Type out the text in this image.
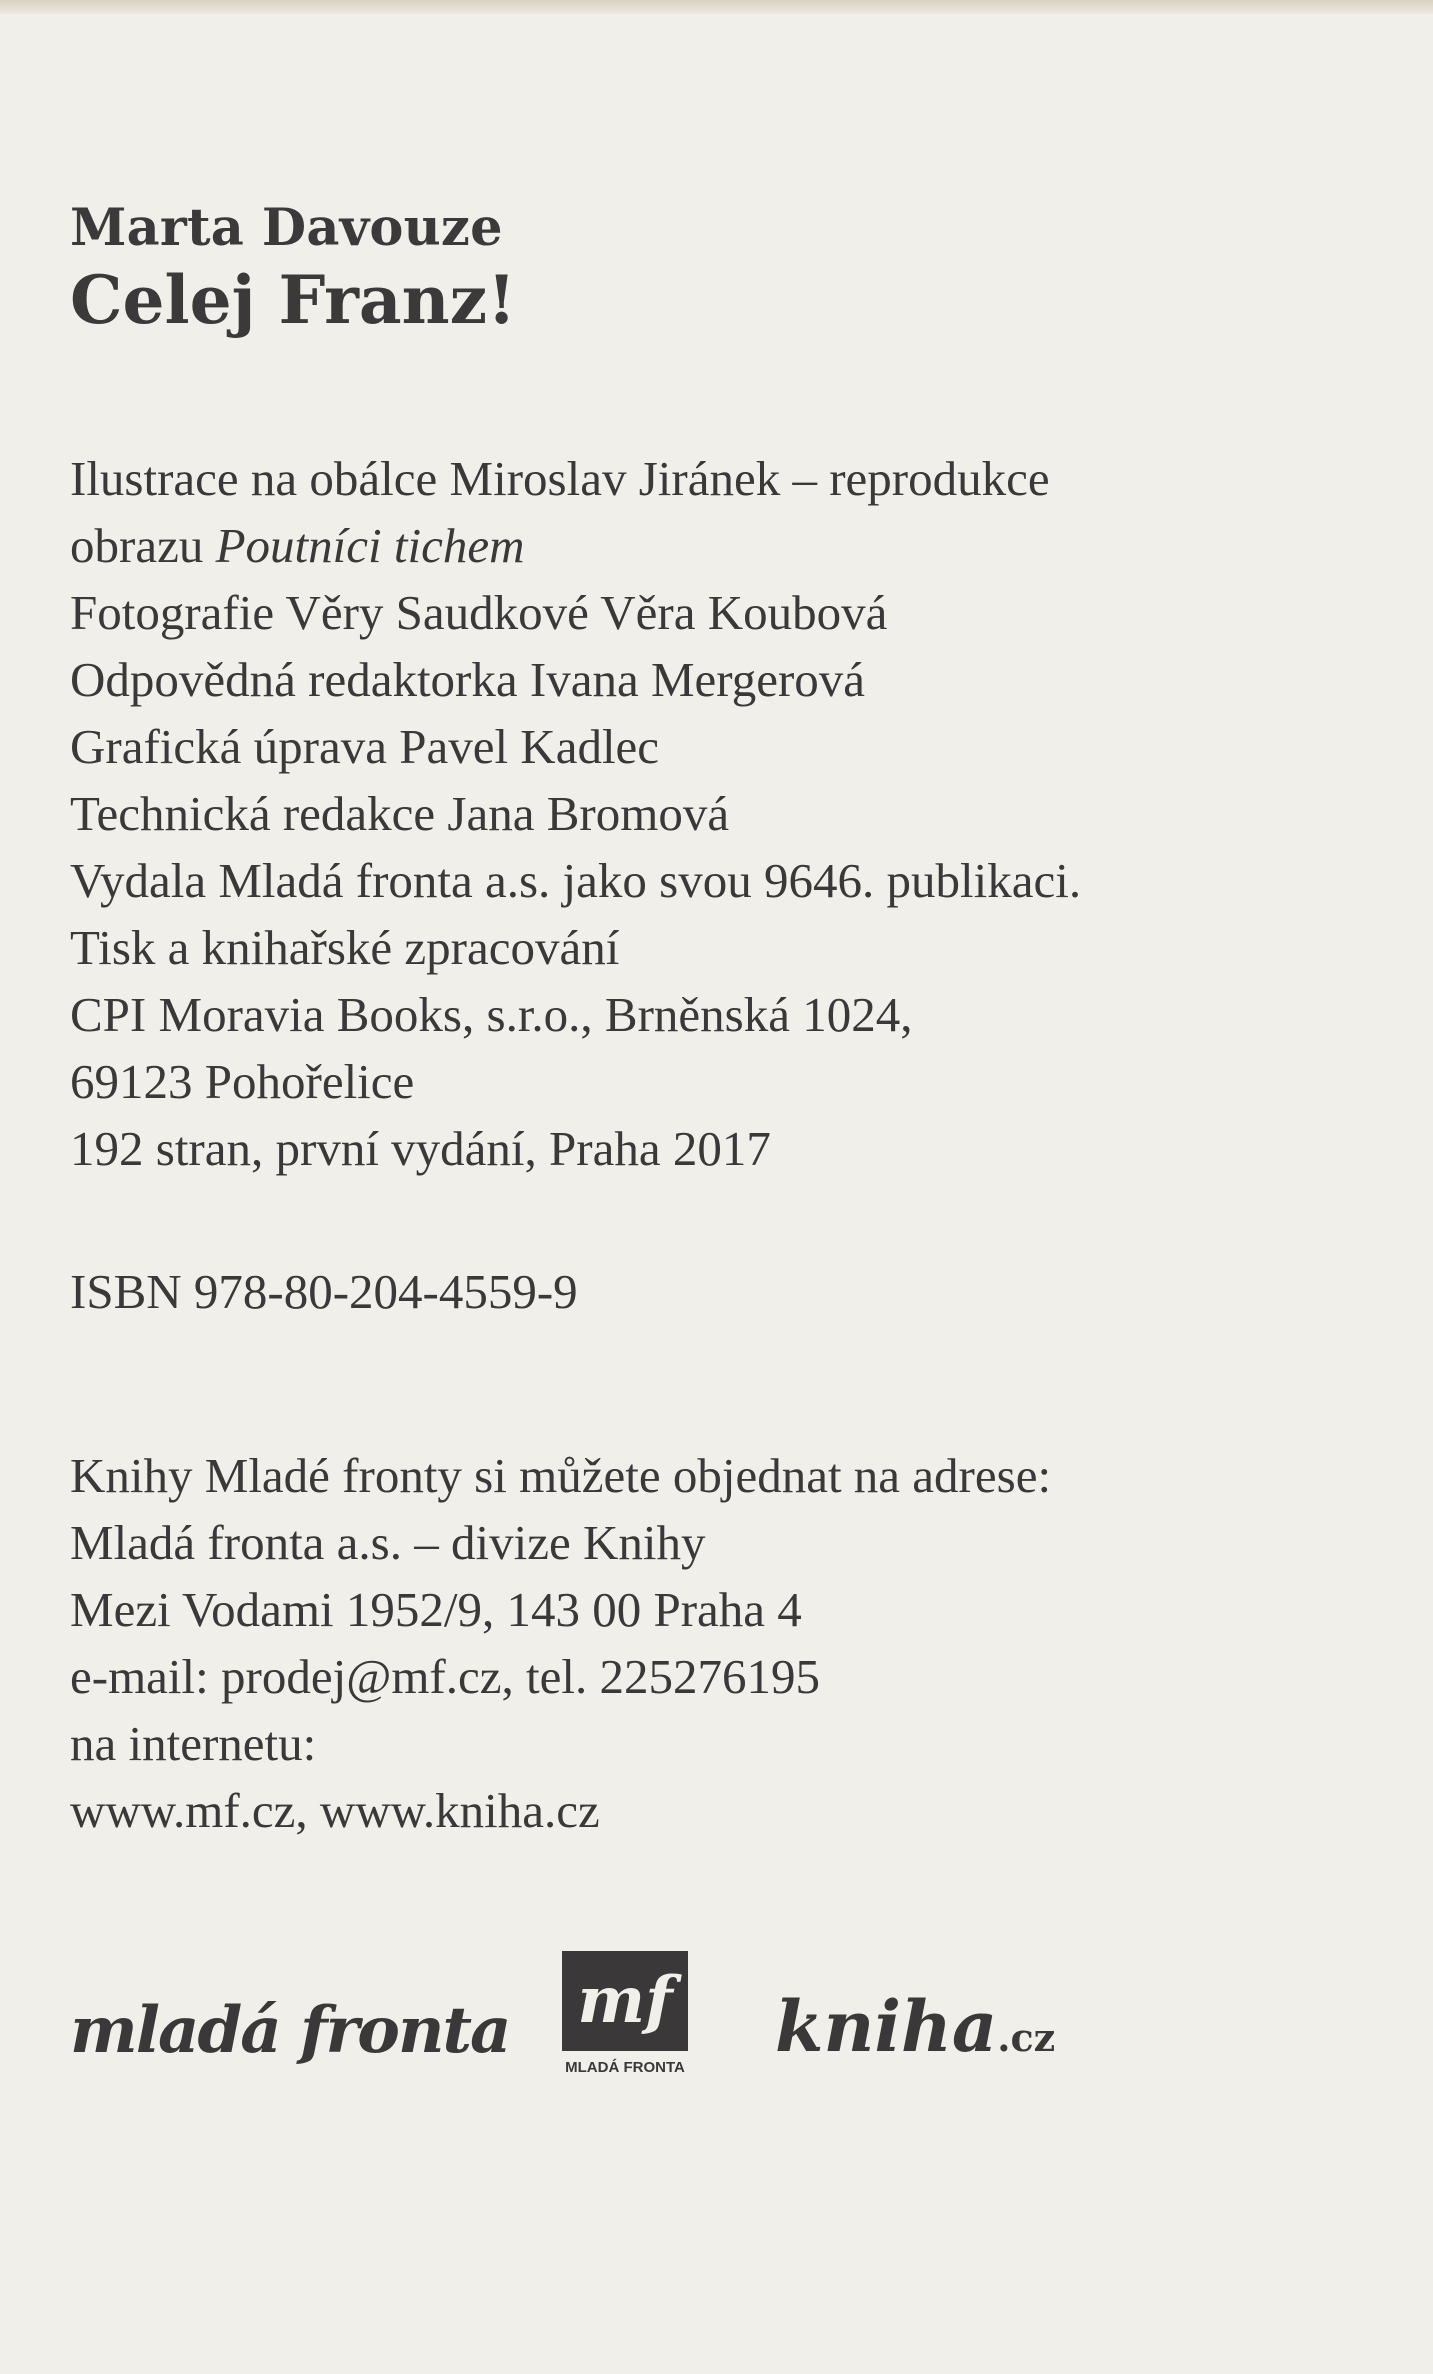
Marta Davouze
Celej Franz!

Ilustrace na obálce Miroslav Jiránek – reprodukce
obrazu Poutníci tichem
Fotografie Věry Saudkové Věra Koubová
Odpovědná redaktorka Ivana Mergerová
Grafická úprava Pavel Kadlec
Technická redakce Jana Bromová
Vydala Mladá fronta a.s. jako svou 9646. publikaci.
Tisk a knihařské zpracování
CPI Moravia Books, s.r.o., Brněnská 1024,
69123 Pohořelice
192 stran, první vydání, Praha 2017

ISBN 978-80-204-4559-9

Knihy Mladé fronty si můžete objednat na adrese:
Mladá fronta a.s. – divize Knihy
Mezi Vodami 1952/9, 143 00 Praha 4
e-mail: prodej@mf.cz, tel. 225276195
na internetu:
www.mf.cz, www.kniha.cz

mladá fronta mf
MLADÁ FRONTA	kniha.cz
